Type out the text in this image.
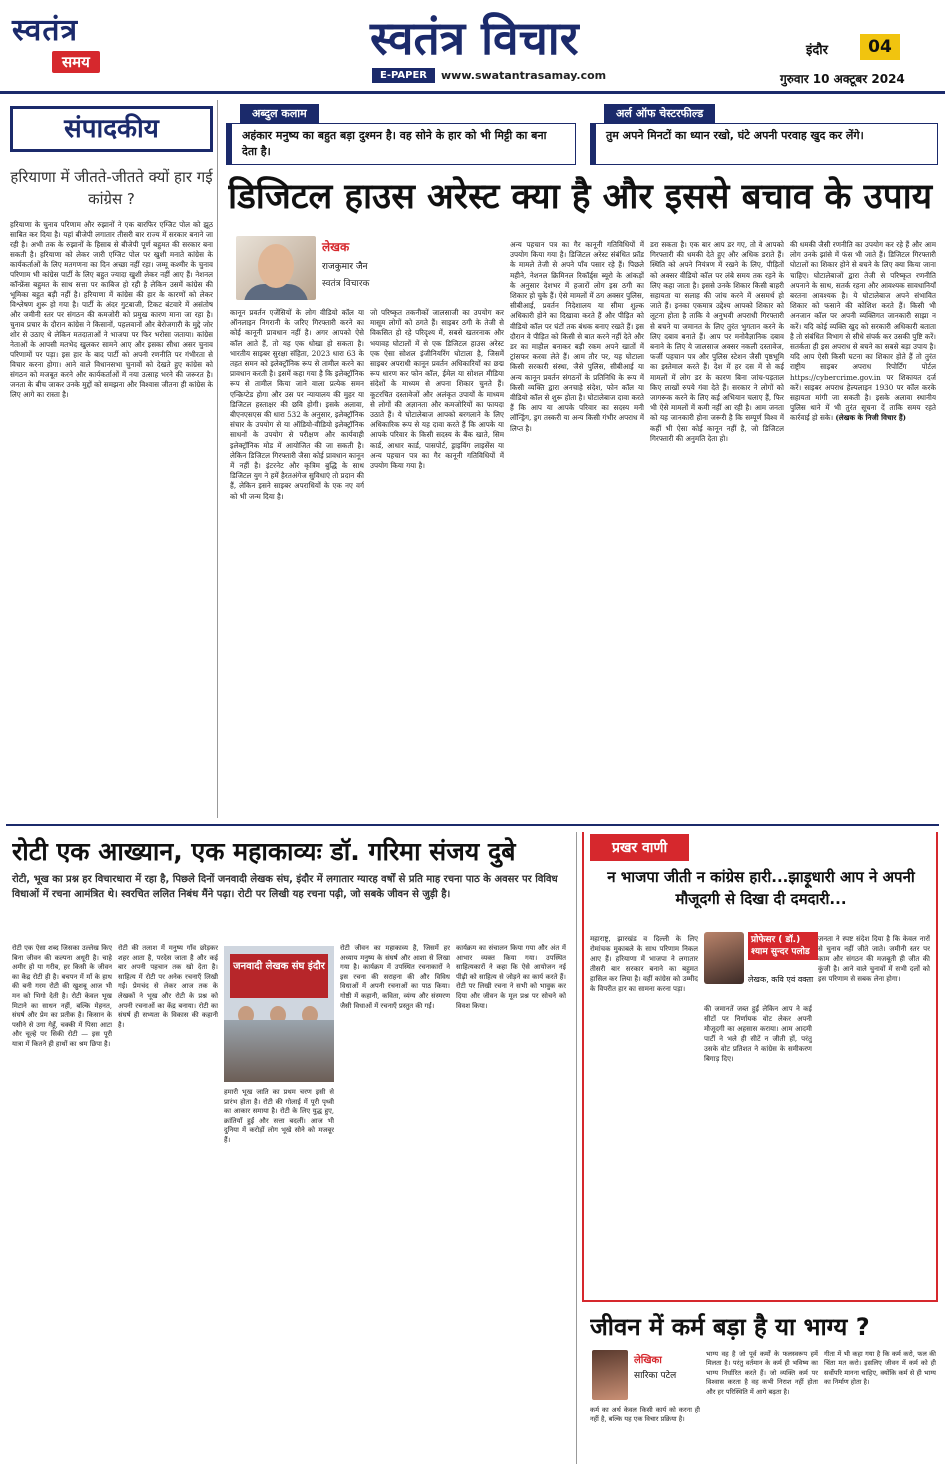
स्वतंत्र
समय	स्वतंत्र विचार
E-PAPER	www.swatantrasamay.com
इंदौर	04
गुरुवार 10 अक्टूबर 2024
संपादकीय
हरियाणा में जीतते-जीतते क्यों हार गई कांग्रेस ?
हरियाणा के चुनाव परिणाम और रुझानों ने एक बारफिर एग्जिट पोल को झूठ साबित कर दिया है। यहां बीजेपी लगातार तीसरी बार राज्य में सरकार बनाने जा रही है। अभी तक के रुझानों के हिसाब से बीजेपी पूर्ण बहुमत की सरकार बना सकती है। हरियाणा को लेकर जारी एग्जिट पोल पर खुशी मनाते कांग्रेस के कार्यकर्ताओं के लिए मतगणना का दिन अच्छा नहीं रहा। जम्मू कश्मीर के चुनाव परिणाम भी कांग्रेस पार्टी के लिए बहुत ज्यादा खुशी लेकर नहीं आए हैं। नेशनल कॉन्फ्रेंस बहुमत के साथ सत्ता पर काबिज हो रही है लेकिन उसमें कांग्रेस की भूमिका बहुत बड़ी नहीं है। हरियाणा में कांग्रेस की हार के कारणों को लेकर विश्लेषण शुरू हो गया है। पार्टी के अंदर गुटबाजी, टिकट बंटवारे में असंतोष और जमीनी स्तर पर संगठन की कमजोरी को प्रमुख कारण माना जा रहा है। चुनाव प्रचार के दौरान कांग्रेस ने किसानों, पहलवानों और बेरोजगारी के मुद्दे जोर शोर से उठाए थे लेकिन मतदाताओं ने भाजपा पर फिर भरोसा जताया। कांग्रेस नेताओं के आपसी मतभेद खुलकर सामने आए और इसका सीधा असर चुनाव परिणामों पर पड़ा। इस हार के बाद पार्टी को अपनी रणनीति पर गंभीरता से विचार करना होगा। आने वाले विधानसभा चुनावों को देखते हुए कांग्रेस को संगठन को मजबूत करने और कार्यकर्ताओं में नया उत्साह भरने की जरूरत है। जनता के बीच जाकर उनके मुद्दों को समझना और विश्वास जीतना ही कांग्रेस के लिए आगे का रास्ता है।
अब्दुल कलाम
अहंकार मनुष्य का बहुत बड़ा दुश्मन है। वह सोने के हार को भी मिट्टी का बना देता है।
अर्ल ऑफ चेस्टरफील्ड
तुम अपने मिनटों का ध्यान रखो, घंटे अपनी परवाह खुद कर लेंगे।
डिजिटल हाउस अरेस्ट क्या है और इससे बचाव के उपाय
लेखक
राजकुमार जैन
स्वतंत्र विचारक
कानून प्रवर्तन एजेंसियों के लोग वीडियो कॉल या ऑनलाइन निगरानी के जरिए गिरफ्तारी करने का कोई कानूनी प्रावधान नहीं है। अगर आपको ऐसे कॉल आते हैं, तो यह एक धोखा हो सकता है। भारतीय साइबर सुरक्षा संहिता, 2023 धारा 63 के तहत समन को इलेक्ट्रॉनिक रूप से तामील करने का प्रावधान करती है। इसमें कहा गया है कि इलेक्ट्रॉनिक रूप से तामील किया जाने वाला प्रत्येक समन एन्क्रिप्टेड होगा और उस पर न्यायालय की मुहर या डिजिटल हस्ताक्षर की छवि होगी। इसके अलावा, बीएनएसएस की धारा 532 के अनुसार, इलेक्ट्रॉनिक संचार के उपयोग से या ऑडियो-वीडियो इलेक्ट्रॉनिक साधनों के उपयोग से परीक्षण और कार्यवाही इलेक्ट्रॉनिक मोड में आयोजित की जा सकती है। लेकिन डिजिटल गिरफ्तारी जैसा कोई प्रावधान कानून में नहीं है। इंटरनेट और कृत्रिम बुद्धि के साथ डिजिटल युग ने हमें हैरतअंगेज सुविधाएं तो प्रदान की हैं, लेकिन इसने साइबर अपराधियों के एक नए वर्ग को भी जन्म दिया है।
जो परिष्कृत तकनीकों जालसाजी का उपयोग कर मासूम लोगों को ठगते हैं। साइबर ठगी के तेजी से विकसित हो रहे परिदृश्य में, सबसे खतरनाक और भयावह घोटालों में से एक डिजिटल हाउस अरेस्ट एक ऐसा सोशल इंजीनियरिंग घोटाला है, जिसमें साइबर अपराधी कानून प्रवर्तन अधिकारियों का छद्म रूप धारण कर फोन कॉल, ईमेल या सोशल मीडिया संदेशों के माध्यम से अपना शिकार चुनते हैं। कूटरचित दस्तावेजों और अलंकृत उपायों के माध्यम से लोगों की अज्ञानता और कमजोरियों का फायदा उठाते हैं। ये घोटालेबाज आपको बरगलाने के लिए अधिकारिक रूप से यह दावा करते हैं कि आपके या आपके परिवार के किसी सदस्य के बैंक खाते, सिम कार्ड, आधार कार्ड, पासपोर्ट, ड्राइविंग लाइसेंस या अन्य पहचान पत्र का गैर कानूनी गतिविधियों में उपयोग किया गया है।
अन्य पहचान पत्र का गैर कानूनी गतिविधियों में उपयोग किया गया है। डिजिटल अरेस्ट संबंधित फ्रॉड के मामले तेजी से अपने पाँव पसार रहे हैं। पिछले महीने, नेशनल क्रिमिनल रिकॉर्ड्स ब्यूरो के आंकड़ों के अनुसार देशभर में हजारों लोग इस ठगी का शिकार हो चुके हैं। ऐसे मामलों में ठग अक्सर पुलिस, सीबीआई, प्रवर्तन निदेशालय या सीमा शुल्क अधिकारी होने का दिखावा करते हैं और पीड़ित को वीडियो कॉल पर घंटों तक बंधक बनाए रखते हैं। इस दौरान वे पीड़ित को किसी से बात करने नहीं देते और डर का माहौल बनाकर बड़ी रकम अपने खातों में ट्रांसफर करवा लेते हैं। आम तौर पर, यह घोटाला किसी सरकारी संस्था, जैसे पुलिस, सीबीआई या अन्य कानून प्रवर्तन संगठनों के प्रतिनिधि के रूप में किसी व्यक्ति द्वारा अनचाहे संदेश, फोन कॉल या वीडियो कॉल से शुरू होता है। घोटालेबाज दावा करते हैं कि आप या आपके परिवार का सदस्य मनी लॉन्ड्रिंग, ड्रग तस्करी या अन्य किसी गंभीर अपराध में लिप्त है।
डरा सकता है। एक बार आप डर गए, तो वे आपको गिरफ्तारी की धमकी देते हुए और अधिक डराते हैं। स्थिति को अपने नियंत्रण में रखने के लिए, पीड़ितों को अक्सर वीडियो कॉल पर लंबे समय तक रहने के लिए कहा जाता है। इससे उनके शिकार किसी बाहरी सहायता या सलाह की जांच करने में असमर्थ हो जाते हैं। इनका एकमात्र उद्देश्य आपको शिकार को लूटना होता है ताकि वे अनुभवी अपराधी गिरफ्तारी से बचने या जमानत के लिए तुरंत भुगतान करने के लिए दबाव बनाते हैं। आप पर मनोवैज्ञानिक दबाव बनाने के लिए ये जालसाज अक्सर नकली दस्तावेज, फर्जी पहचान पत्र और पुलिस स्टेशन जैसी पृष्ठभूमि का इस्तेमाल करते हैं। देश में हर दस में से कई मामलों में लोग डर के कारण बिना जांच-पड़ताल किए लाखों रुपये गंवा देते हैं। सरकार ने लोगों को जागरूक करने के लिए कई अभियान चलाए हैं, फिर भी ऐसे मामलों में कमी नहीं आ रही है। आम जनता को यह जानकारी होना जरूरी है कि सम्पूर्ण विश्व में कहीं भी ऐसा कोई कानून नहीं है, जो डिजिटल गिरफ्तारी की अनुमति देता हो।
की धमकी जैसी रणनीति का उपयोग कर रहे हैं और आम लोग उनके झांसे में फंस भी जाते हैं। डिजिटल गिरफ्तारी घोटालों का शिकार होने से बचने के लिए क्या किया जाना चाहिए। घोटालेबाजों द्वारा तेजी से परिष्कृत रणनीति अपनाने के साथ, सतर्क रहना और आवश्यक सावधानियाँ बरतना आवश्यक है। ये घोटालेबाज अपने संभावित शिकार को फसाने की कोशिश करते हैं। किसी भी अनजान कॉल पर अपनी व्यक्तिगत जानकारी साझा न करें। यदि कोई व्यक्ति खुद को सरकारी अधिकारी बताता है तो संबंधित विभाग से सीधे संपर्क कर उसकी पुष्टि करें। सतर्कता ही इस अपराध से बचने का सबसे बड़ा उपाय है। यदि आप ऐसी किसी घटना का शिकार होते हैं तो तुरंत राष्ट्रीय साइबर अपराध रिपोर्टिंग पोर्टल https://cybercrime.gov.in पर शिकायत दर्ज करें। साइबर अपराध हेल्पलाइन 1930 पर कॉल करके सहायता मांगी जा सकती है। इसके अलावा स्थानीय पुलिस थाने में भी तुरंत सूचना दें ताकि समय रहते कार्रवाई हो सके। (लेखक के निजी विचार हैं)
रोटी एक आख्यान, एक महाकाव्यः डॉ. गरिमा संजय दुबे
रोटी, भूख का प्रश्न हर विचारधारा में रहा है, पिछले दिनों जनवादी लेखक संघ, इंदौर में लगातार ग्यारह वर्षों से प्रति माह रचना पाठ के अवसर पर विविध विधाओं में रचना आमंत्रित थे। स्वरचित ललित निबंध मैंने पढ़ा। रोटी पर लिखी यह रचना पढ़ी, जो सबके जीवन से जुड़ी है।
रोटी एक ऐसा शब्द जिसका उल्लेख किए बिना जीवन की कल्पना अधूरी है। चाहे अमीर हो या गरीब, हर किसी के जीवन का केंद्र रोटी ही है। बचपन में माँ के हाथ की बनी गरम रोटी की खुशबू आज भी मन को भिगो देती है। रोटी केवल भूख मिटाने का साधन नहीं, बल्कि मेहनत, संघर्ष और प्रेम का प्रतीक है। किसान के पसीने से उगा गेहूँ, चक्की में पिसा आटा और चूल्हे पर सिकी रोटी — इस पूरी यात्रा में कितने ही हाथों का श्रम छिपा है।
रोटी की तलाश में मनुष्य गाँव छोड़कर शहर आता है, परदेस जाता है और कई बार अपनी पहचान तक खो देता है। साहित्य में रोटी पर अनेक रचनाएँ लिखी गईं। प्रेमचंद से लेकर आज तक के लेखकों ने भूख और रोटी के प्रश्न को अपनी रचनाओं का केंद्र बनाया। रोटी का संघर्ष ही सभ्यता के विकास की कहानी है।
जनवादी लेखक संघ इंदौर
हमारी भूख जाति का प्रथम चरण इसी से प्रारंभ होता है। रोटी की गोलाई में पूरी पृथ्वी का आकार समाया है। रोटी के लिए युद्ध हुए, क्रांतियाँ हुईं और सत्ता बदलीं। आज भी दुनिया में करोड़ों लोग भूखे सोने को मजबूर हैं।
रोटी जीवन का महाकाव्य है, जिसमें हर अध्याय मनुष्य के संघर्ष और आशा से लिखा गया है। कार्यक्रम में उपस्थित रचनाकारों ने इस रचना की सराहना की और विविध विधाओं में अपनी रचनाओं का पाठ किया। गोष्ठी में कहानी, कविता, व्यंग्य और संस्मरण जैसी विधाओं में रचनाएँ प्रस्तुत की गईं।
कार्यक्रम का संचालन किया गया और अंत में आभार व्यक्त किया गया। उपस्थित साहित्यकारों ने कहा कि ऐसे आयोजन नई पीढ़ी को साहित्य से जोड़ने का कार्य करते हैं। रोटी पर लिखी रचना ने सभी को भावुक कर दिया और जीवन के मूल प्रश्न पर सोचने को विवश किया।
प्रखर वाणी
न भाजपा जीती न कांग्रेस हारी...झाड़ूधारी आप ने अपनी मौजूदगी से दिखा दी दमदारी...
महाराष्ट्र, झारखंड व दिल्ली के लिए रोमांचक मुकाबले के साथ परिणाम निकल आए हैं। हरियाणा में भाजपा ने लगातार तीसरी बार सरकार बनाने का बहुमत हासिल कर लिया है। वहीं कांग्रेस को उम्मीद के विपरीत हार का सामना करना पड़ा।
प्रोफेसर ( डॉ.) श्याम सुन्दर पलोड
लेखक, कवि एवं वक्ता
की जमानतें जब्त हुईं लेकिन आप ने कई सीटों पर निर्णायक वोट लेकर अपनी मौजूदगी का अहसास कराया। आम आदमी पार्टी ने भले ही सीटें न जीती हों, परंतु उसके वोट प्रतिशत ने कांग्रेस के समीकरण बिगाड़ दिए।
जनता ने स्पष्ट संदेश दिया है कि केवल नारों से चुनाव नहीं जीते जाते। जमीनी स्तर पर काम और संगठन की मजबूती ही जीत की कुंजी है। आने वाले चुनावों में सभी दलों को इस परिणाम से सबक लेना होगा।
जीवन में कर्म बड़ा है या भाग्य ?
लेखिका
सारिका पटेल
कर्म का अर्थ केवल किसी कार्य को करना ही नहीं है, बल्कि यह एक विचार प्रक्रिया है।
भाग्य वह है जो पूर्व कर्मों के फलस्वरूप हमें मिलता है। परंतु वर्तमान के कर्म ही भविष्य का भाग्य निर्धारित करते हैं। जो व्यक्ति कर्म पर विश्वास करता है वह कभी निराश नहीं होता और हर परिस्थिति में आगे बढ़ता है।
गीता में भी कहा गया है कि कर्म करो, फल की चिंता मत करो। इसलिए जीवन में कर्म को ही सर्वोपरि मानना चाहिए, क्योंकि कर्म से ही भाग्य का निर्माण होता है।
